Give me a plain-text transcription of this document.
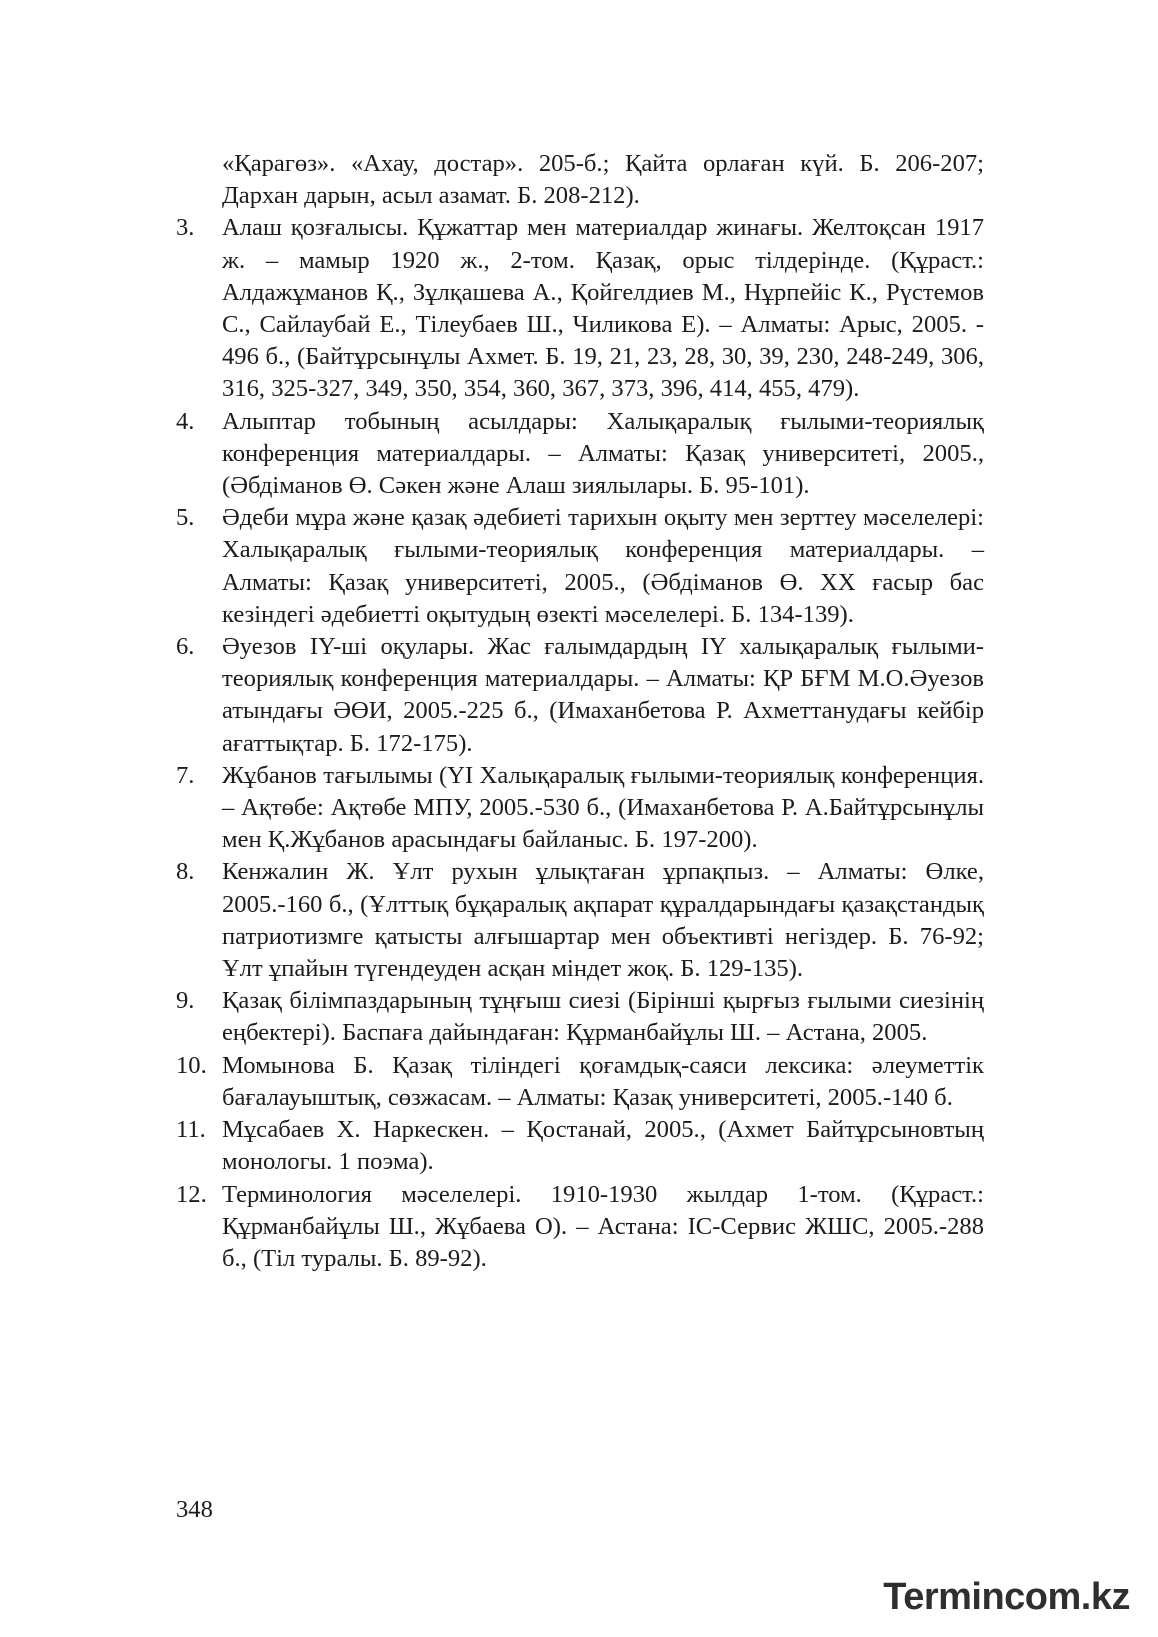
«Қарагөз». «Ахау, достар». 205-б.; Қайта орлаған күй. Б. 206-207; Дархан дарын, асыл азамат. Б. 208-212).

3.	Алаш қозғалысы. Құжаттар мен материалдар жинағы. Желтоқсан 1917 ж. – мамыр 1920 ж., 2-том. Қазақ, орыс тілдерінде. (Құраст.: Алдажұманов Қ., Зұлқашева А., Қойгелдиев М., Нұрпейіс К., Рүстемов С., Сайлаубай Е., Тілеубаев Ш., Чиликова Е). – Алматы: Арыс, 2005. - 496 б., (Байтұрсынұлы Ахмет. Б. 19, 21, 23, 28, 30, 39, 230, 248-249, 306, 316, 325-327, 349, 350, 354, 360, 367, 373, 396, 414, 455, 479).
4.	Алыптар тобының асылдары: Халықаралық ғылыми-теориялық конференция материалдары. – Алматы: Қазақ университеті, 2005., (Әбдіманов Ө. Сәкен және Алаш зиялылары. Б. 95-101).
5.	Әдеби мұра және қазақ әдебиеті тарихын оқыту мен зерттеу мәселелері: Халықаралық ғылыми-теориялық конференция материалдары. – Алматы: Қазақ университеті, 2005., (Әбдіманов Ө. ХХ ғасыр бас кезіндегі әдебиетті оқытудың өзекті мәселелері. Б. 134-139).
6.	Әуезов IY-ші оқулары. Жас ғалымдардың IY халықаралық ғылыми-теориялық конференция материалдары. – Алматы: ҚР БҒМ М.О.Әуезов атындағы ӘӨИ, 2005.-225 б., (Имаханбетова Р. Ахметтанудағы кейбір ағаттықтар. Б. 172-175).
7.	Жұбанов тағылымы (YI Халықаралық ғылыми-теориялық конференция. – Ақтөбе: Ақтөбе МПУ, 2005.-530 б., (Имаханбетова Р. А.Байтұрсынұлы мен Қ.Жұбанов арасындағы байланыс. Б. 197-200).
8.	Кенжалин Ж. Ұлт рухын ұлықтаған ұрпақпыз. – Алматы: Өлке, 2005.-160 б., (Ұлттық бұқаралық ақпарат құралдарындағы қазақстандық патриотизмге қатысты алғышартар мен объективті негіздер. Б. 76-92; Ұлт ұпайын түгендеуден асқан міндет жоқ. Б. 129-135).
9.	Қазақ білімпаздарының тұңғыш сиезі (Бірінші қырғыз ғылыми сиезінің еңбектері). Баспаға дайындаған: Құрманбайұлы Ш. – Астана, 2005.
10. Момынова Б. Қазақ тіліндегі қоғамдық-саяси лексика: әлеуметтік бағалауыштық, сөзжасам. – Алматы: Қазақ университеті, 2005.-140 б.
11. Мұсабаев Х. Наркескен. – Қостанай, 2005., (Ахмет Байтұрсыновтың монологы. 1 поэма).
12. Терминология мәселелері. 1910-1930 жылдар 1-том. (Құраст.: Құрманбайұлы Ш., Жұбаева О). – Астана: IC-Сервис ЖШС, 2005.-288 б., (Тіл туралы. Б. 89-92).
348
Termincom.kz
